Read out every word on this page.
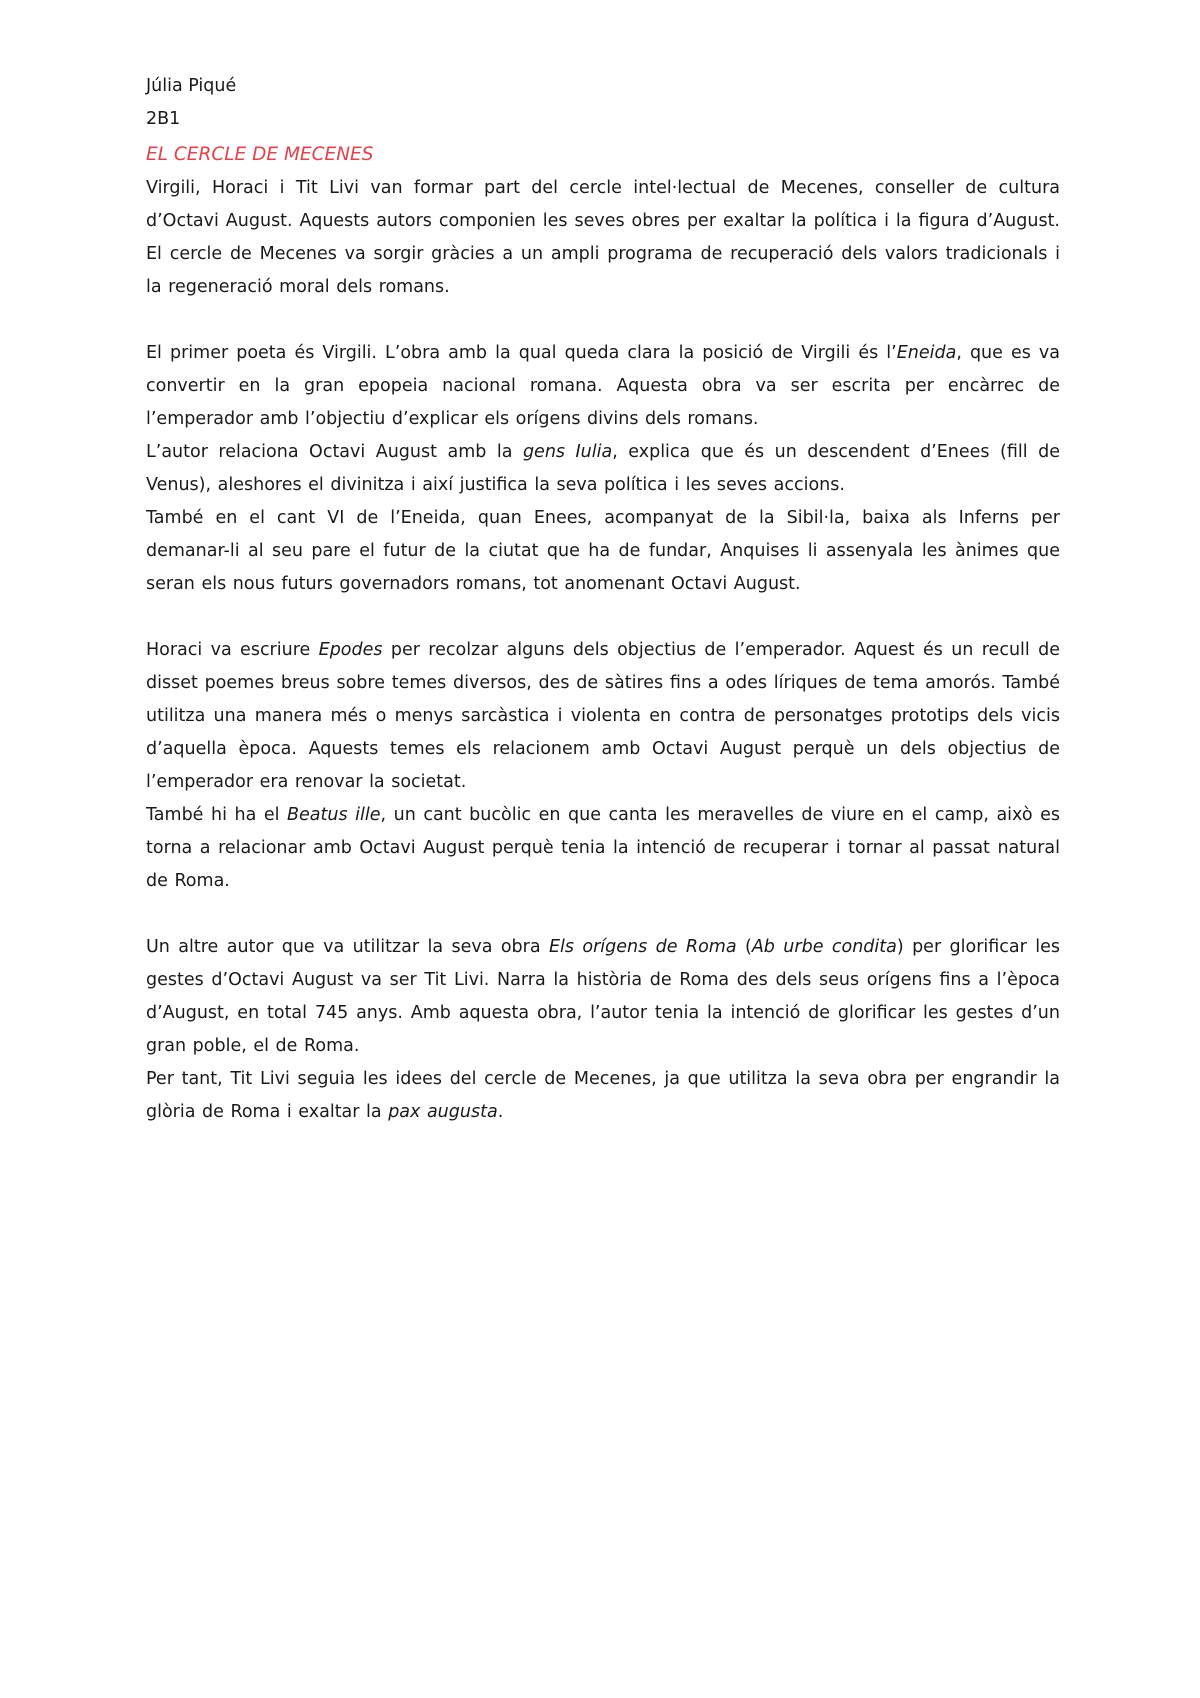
Júlia Piqué

2B1

EL CERCLE DE MECENES

Virgili, Horaci i Tit Livi van formar part del cercle intel·lectual de Mecenes, conseller de cultura d’Octavi August. Aquests autors componien les seves obres per exaltar la política i la figura d’August. El cercle de Mecenes va sorgir gràcies a un ampli programa de recuperació dels valors tradicionals i la regeneració moral dels romans.

El primer poeta és Virgili. L’obra amb la qual queda clara la posició de Virgili és l’Eneida, que es va convertir en la gran epopeia nacional romana. Aquesta obra va ser escrita per encàrrec de l’emperador amb l’objectiu d’explicar els orígens divins dels romans.

L’autor relaciona Octavi August amb la gens Iulia, explica que és un descendent d’Enees (fill de Venus), aleshores el divinitza i així justifica la seva política i les seves accions.

També en el cant VI de l’Eneida, quan Enees, acompanyat de la Sibil·la, baixa als Inferns per demanar-li al seu pare el futur de la ciutat que ha de fundar, Anquises li assenyala les ànimes que seran els nous futurs governadors romans, tot anomenant Octavi August.

Horaci va escriure Epodes per recolzar alguns dels objectius de l’emperador. Aquest és un recull de disset poemes breus sobre temes diversos, des de sàtires fins a odes líriques de tema amorós. També utilitza una manera més o menys sarcàstica i violenta en contra de personatges prototips dels vicis d’aquella època. Aquests temes els relacionem amb Octavi August perquè un dels objectius de l’emperador era renovar la societat.

També hi ha el Beatus ille, un cant bucòlic en que canta les meravelles de viure en el camp, això es torna a relacionar amb Octavi August perquè tenia la intenció de recuperar i tornar al passat natural de Roma.

Un altre autor que va utilitzar la seva obra Els orígens de Roma (Ab urbe condita) per glorificar les gestes d’Octavi August va ser Tit Livi. Narra la història de Roma des dels seus orígens fins a l’època d’August, en total 745 anys. Amb aquesta obra, l’autor tenia la intenció de glorificar les gestes d’un gran poble, el de Roma.

Per tant, Tit Livi seguia les idees del cercle de Mecenes, ja que utilitza la seva obra per engrandir la glòria de Roma i exaltar la pax augusta.
